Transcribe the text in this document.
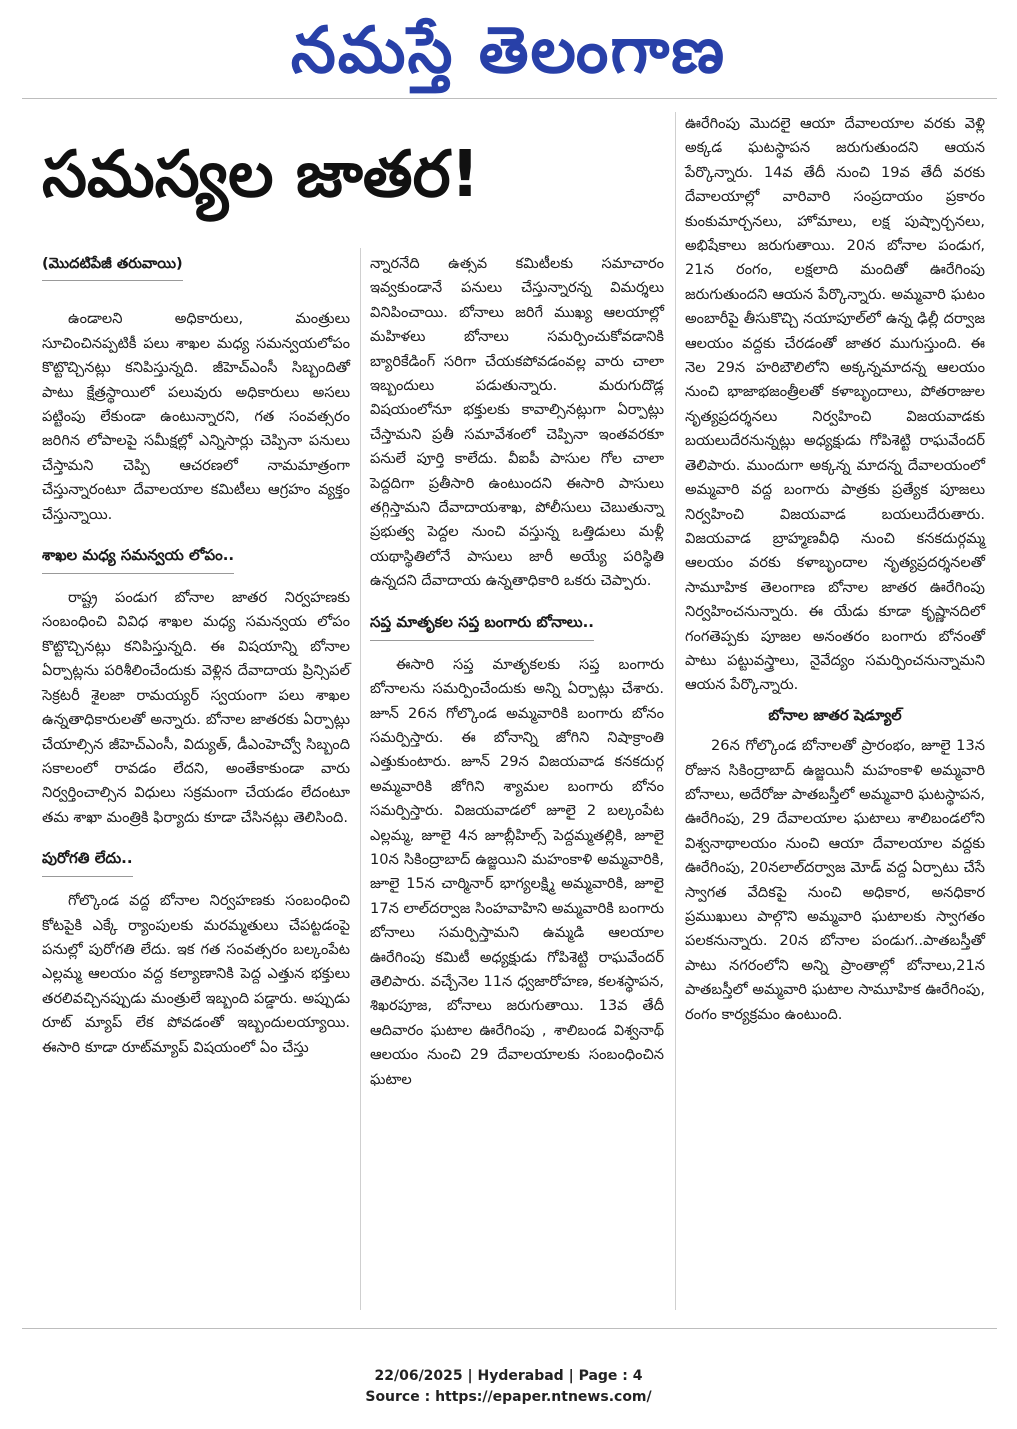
నమస్తే తెలంగాణ
సమస్యల జాతర!
(మొదటిపేజీ తరువాయి)

ఉండాలని అధికారులు, మంత్రులు సూచించినప్పటికీ పలు శాఖల మధ్య సమన్వయలోపం కొట్టొచ్చినట్లు కనిపిస్తున్నది. జీహెచ్ఎంసీ సిబ్బందితో పాటు క్షేత్రస్థాయిలో పలువురు అధికారులు అసలు పట్టింపు లేకుండా ఉంటున్నారని, గత సంవత్సరం జరిగిన లోపాలపై సమీక్షల్లో ఎన్నిసార్లు చెప్పినా పనులు చేస్తామని చెప్పి ఆచరణలో నామమాత్రంగా చేస్తున్నారంటూ దేవాలయాల కమిటీలు ఆగ్రహం వ్యక్తం చేస్తున్నాయి.

శాఖల మధ్య సమన్వయ లోపం..

రాష్ట్ర పండుగ బోనాల జాతర నిర్వహణకు సంబంధించి వివిధ శాఖల మధ్య సమన్వయ లోపం కొట్టొచ్చినట్లు కనిపిస్తున్నది. ఈ విషయాన్ని బోనాల ఏర్పాట్లను పరిశీలించేందుకు వెళ్లిన దేవాదాయ ప్రిన్సిపల్ సెక్రటరీ శైలజా రామయ్యర్ స్వయంగా పలు శాఖల ఉన్నతాధికారులతో అన్నారు. బోనాల జాతరకు ఏర్పాట్లు చేయాల్సిన జీహెచ్ఎంసీ, విద్యుత్, డీఎంహెచ్వో సిబ్బంది సకాలంలో రావడం లేదని, అంతేకాకుండా వారు నిర్వర్తించాల్సిన విధులు సక్రమంగా చేయడం లేదంటూ తమ శాఖా మంత్రికి ఫిర్యాదు కూడా చేసినట్లు తెలిసింది.

పురోగతి లేదు..

గోల్కొండ వద్ద బోనాల నిర్వహణకు సంబంధించి కోటపైకి ఎక్కే ర్యాంపులకు మరమ్మతులు చేపట్టడంపై పనుల్లో పురోగతి లేదు. ఇక గత సంవత్సరం బల్కంపేట ఎల్లమ్మ ఆలయం వద్ద కల్యాణానికి పెద్ద ఎత్తున భక్తులు తరలివచ్చినప్పుడు మంత్రులే ఇబ్బంది పడ్డారు. అప్పుడు రూట్ మ్యాప్ లేక పోవడంతో ఇబ్బందులయ్యాయి. ఈసారి కూడా రూట్‌మ్యాప్ విషయంలో ఏం చేస్తు

న్నారనేది ఉత్సవ కమిటీలకు సమాచారం ఇవ్వకుండానే పనులు చేస్తున్నారన్న విమర్శలు వినిపించాయి. బోనాలు జరిగే ముఖ్య ఆలయాల్లో మహిళలు బోనాలు సమర్పించుకోవడానికి బ్యారికేడింగ్ సరిగా చేయకపోవడంవల్ల వారు చాలా ఇబ్బందులు పడుతున్నారు. మరుగుదొడ్ల విషయంలోనూ భక్తులకు కావాల్సినట్లుగా ఏర్పాట్లు చేస్తామని ప్రతీ సమావేశంలో చెప్పినా ఇంతవరకూ పనులే పూర్తి కాలేదు. వీఐపీ పాసుల గోల చాలా పెద్దదిగా ప్రతీసారి ఉంటుందని ఈసారి పాసులు తగ్గిస్తామని దేవాదాయశాఖ, పోలీసులు చెబుతున్నా ప్రభుత్వ పెద్దల నుంచి వస్తున్న ఒత్తిడులు మళ్లీ యథాస్థితిలోనే పాసులు జారీ అయ్యే పరిస్థితి ఉన్నదని దేవాదాయ ఉన్నతాధికారి ఒకరు చెప్పారు.

సప్త మాతృకల సప్త బంగారు బోనాలు..

ఈసారి సప్త మాతృకలకు సప్త బంగారు బోనాలను సమర్పించేందుకు అన్ని ఏర్పాట్లు చేశారు. జూన్ 26న గోల్కొండ అమ్మవారికి బంగారు బోనం సమర్పిస్తారు. ఈ బోనాన్ని జోగిని నిషాక్రాంతి ఎత్తుకుంటారు. జూన్ 29న విజయవాడ కనకదుర్గ అమ్మవారికి జోగిని శ్యామల బంగారు బోనం సమర్పిస్తారు. విజయవాడలో జూలై 2 బల్కంపేట ఎల్లమ్మ, జూలై 4న జూబ్లీహిల్స్ పెద్దమ్మతల్లికి, జూలై 10న సికింద్రాబాద్ ఉజ్జయిని మహంకాళి అమ్మవారికి, జూలై 15న చార్మినార్ భాగ్యలక్ష్మి అమ్మవారికి, జూలై 17న లాల్‌దర్వాజ సింహవాహిని అమ్మవారికి బంగారు బోనాలు సమర్పిస్తామని ఉమ్మడి ఆలయాల ఊరేగింపు కమిటీ అధ్యక్షుడు గోపిశెట్టి రాఘవేందర్ తెలిపారు. వచ్చేనెల 11న ధ్వజారోహణ, కలశస్థాపన, శిఖరపూజ, బోనాలు జరుగుతాయి. 13వ తేదీ ఆదివారం ఘటాల ఊరేగింపు , శాలిబండ విశ్వనాథ్ ఆలయం నుంచి 29 దేవాలయాలకు సంబంధించిన ఘటాల

ఊరేగింపు మొదలై ఆయా దేవాలయాల వరకు వెళ్లి అక్కడ ఘటస్థాపన జరుగుతుందని ఆయన పేర్కొన్నారు. 14వ తేదీ నుంచి 19వ తేదీ వరకు దేవాలయాల్లో వారివారి సంప్రదాయం ప్రకారం కుంకుమార్చనలు, హోమాలు, లక్ష పుష్పార్చనలు, అభిషేకాలు జరుగుతాయి. 20న బోనాల పండుగ, 21న రంగం, లక్షలాది మందితో ఊరేగింపు జరుగుతుందని ఆయన పేర్కొన్నారు. అమ్మవారి ఘటం అంబారీపై తీసుకొచ్చి నయాపూల్‌లో ఉన్న ఢిల్లీ దర్వాజ ఆలయం వద్దకు చేరడంతో జాతర ముగుస్తుంది. ఈ నెల 29న హరిబౌలిలోని అక్కన్నమాదన్న ఆలయం నుంచి భాజాభజంత్రీలతో కళాబృందాలు, పోతరాజుల నృత్యప్రదర్శనలు నిర్వహించి విజయవాడకు బయలుదేరనున్నట్లు అధ్యక్షుడు గోపిశెట్టి రాఘవేందర్ తెలిపారు. ముందుగా అక్కన్న మాదన్న దేవాలయంలో అమ్మవారి వద్ద బంగారు పాత్రకు ప్రత్యేక పూజలు నిర్వహించి విజయవాడ బయలుదేరుతారు. విజయవాడ బ్రాహ్మణవీధి నుంచి కనకదుర్గమ్మ ఆలయం వరకు కళాబృందాల నృత్యప్రదర్శనలతో సామూహిక తెలంగాణ బోనాల జాతర ఊరేగింపు నిర్వహించనున్నారు. ఈ యేడు కూడా కృష్ణానదిలో గంగతెప్పకు పూజల అనంతరం బంగారు బోనంతో పాటు పట్టువస్త్రాలు, నైవేద్యం సమర్పించనున్నామని ఆయన పేర్కొన్నారు.

బోనాల జాతర షెడ్యూల్

26న గోల్కొండ బోనాలతో ప్రారంభం, జూలై 13న రోజున సికింద్రాబాద్ ఉజ్జయినీ మహంకాళి అమ్మవారి బోనాలు, అదేరోజు పాతబస్తీలో అమ్మవారి ఘటస్థాపన, ఊరేగింపు, 29 దేవాలయాల ఘటాలు శాలిబండలోని విశ్వనాథాలయం నుంచి ఆయా దేవాలయాల వద్దకు ఊరేగింపు, 20నలాల్‌దర్వాజ మోడ్ వద్ద ఏర్పాటు చేసే స్వాగత వేదికపై నుంచి అధికార, అనధికార ప్రముఖులు పాల్గొని అమ్మవారి ఘటాలకు స్వాగతం పలకనున్నారు. 20న బోనాల పండుగ..పాతబస్తీతో పాటు నగరంలోని అన్ని ప్రాంతాల్లో బోనాలు,21న పాతబస్తీలో అమ్మవారి ఘటాల సామూహిక ఊరేగింపు, రంగం కార్యక్రమం ఉంటుంది.

22/06/2025 | Hyderabad | Page : 4
Source : https://epaper.ntnews.com/
